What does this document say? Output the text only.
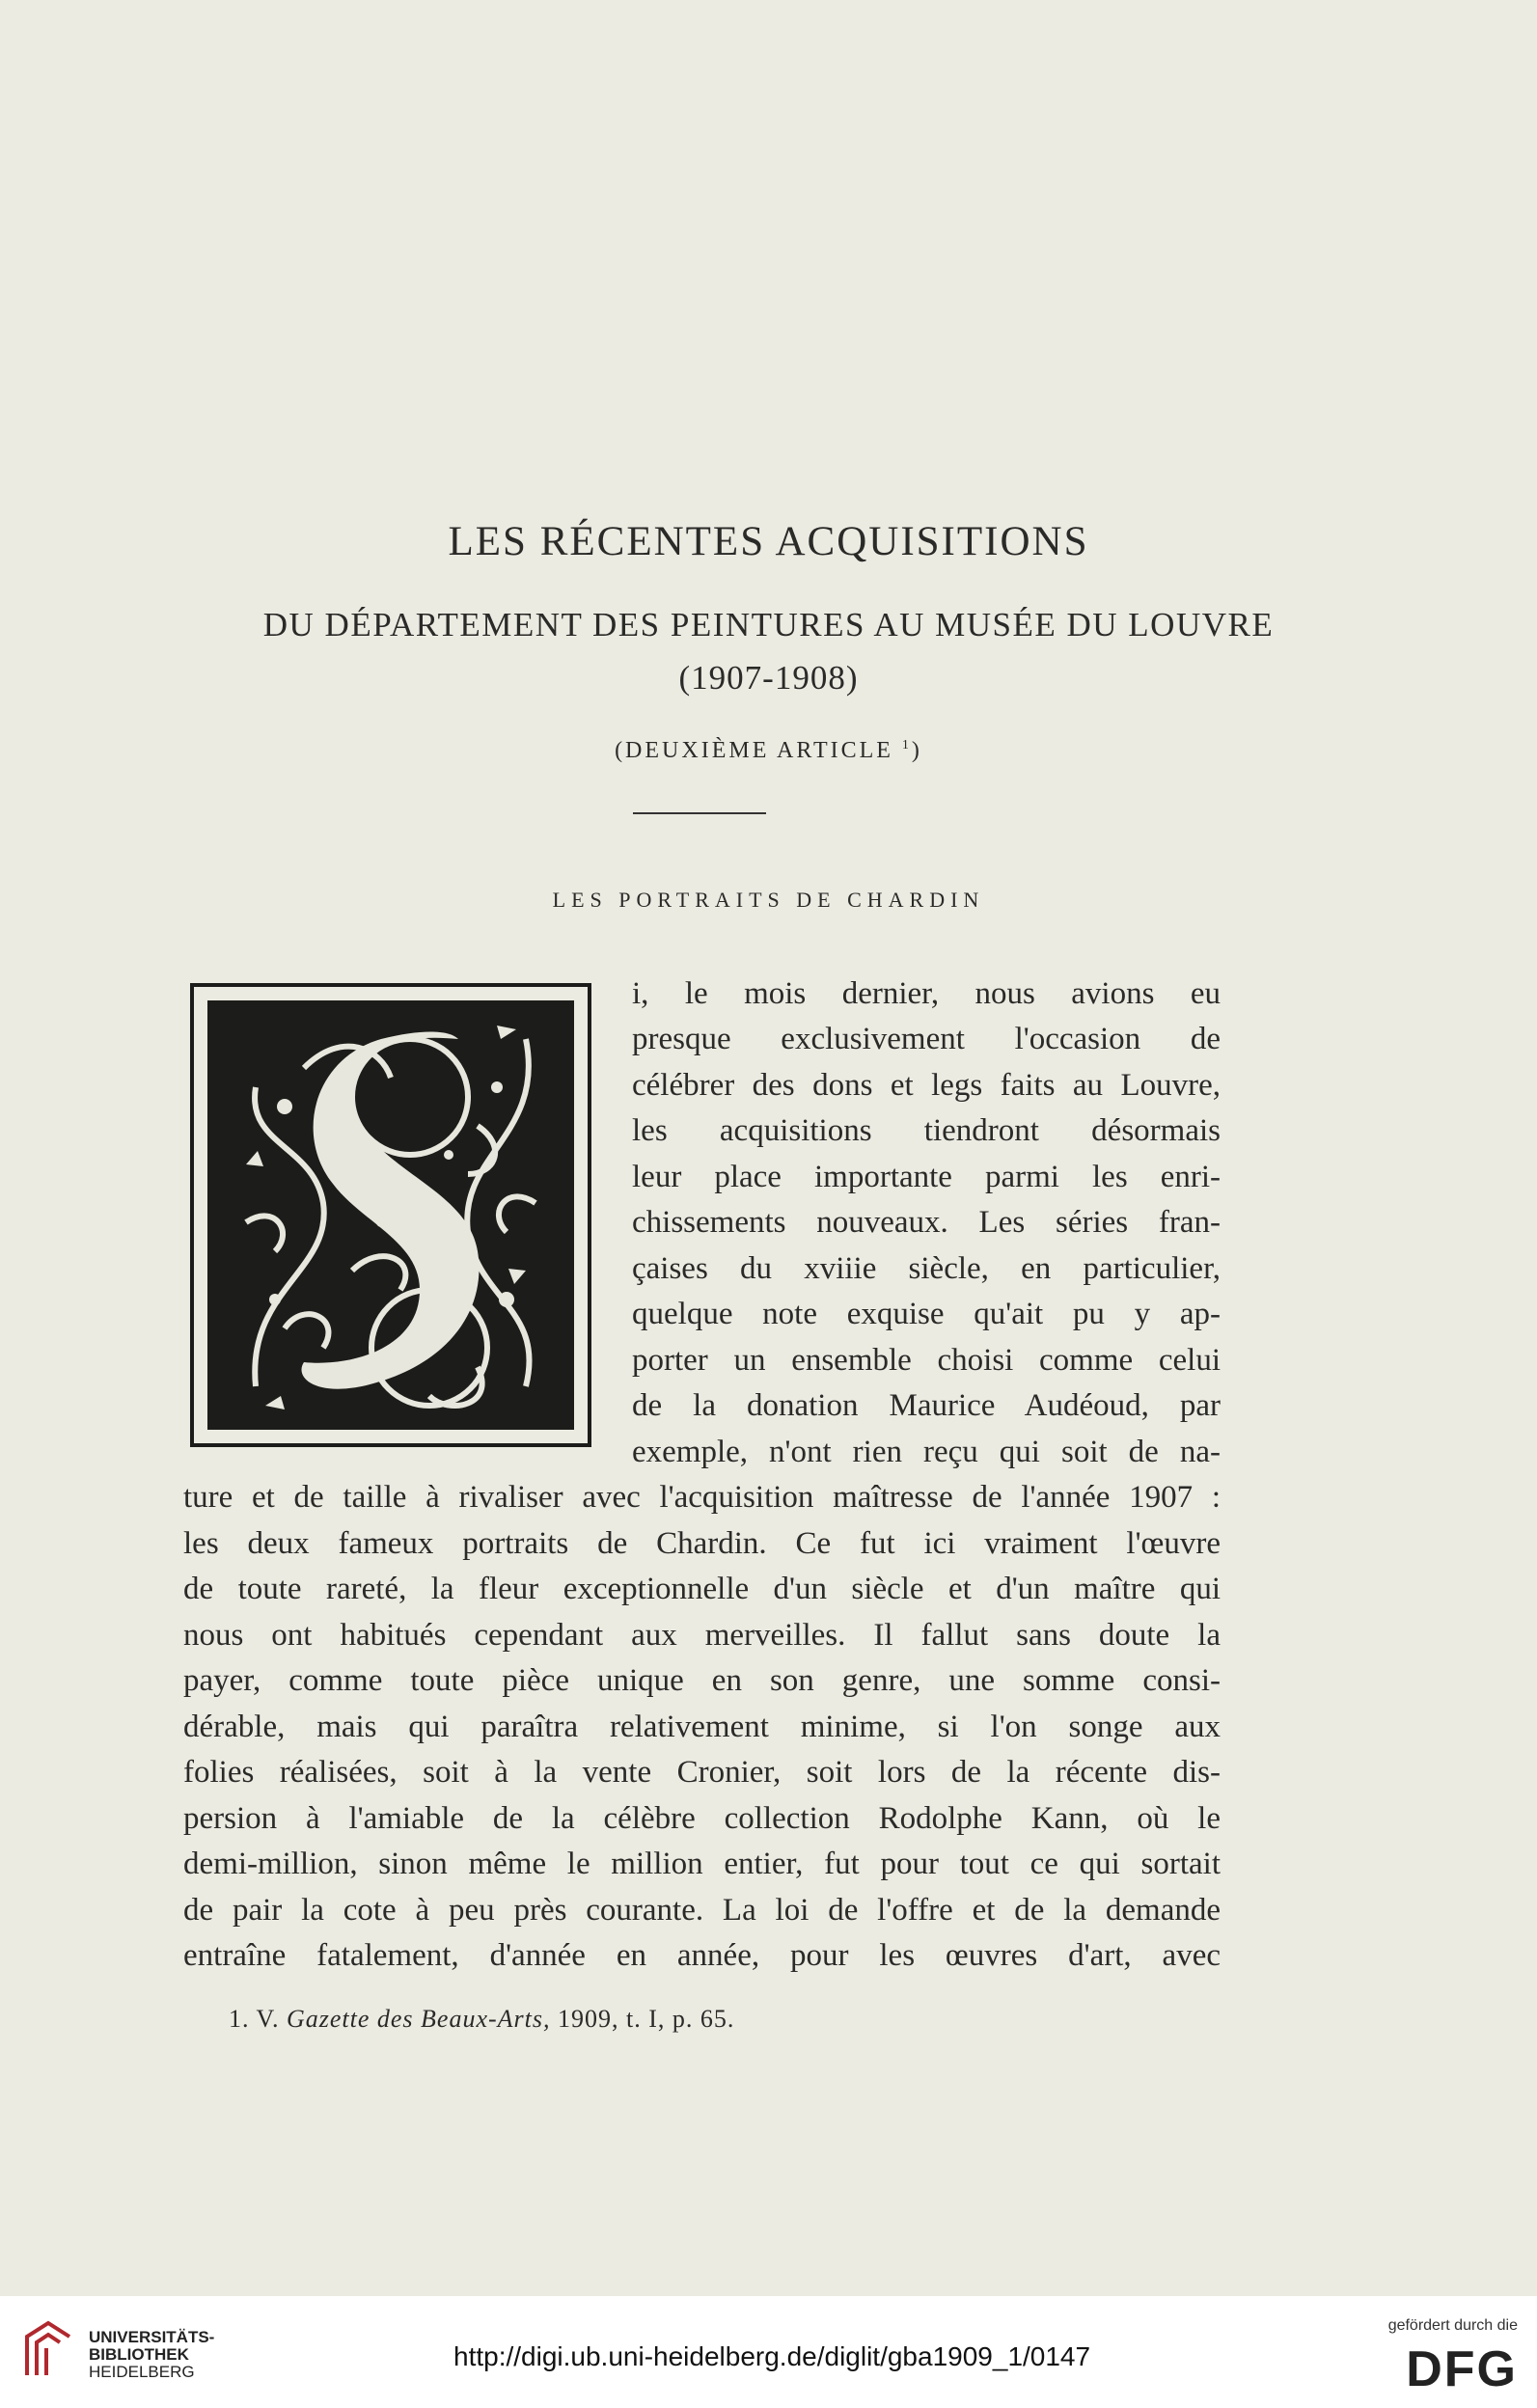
LES RÉCENTES ACQUISITIONS
DU DÉPARTEMENT DES PEINTURES AU MUSÉE DU LOUVRE
(1907-1908)
(DEUXIÈME ARTICLE $^1$)
LES PORTRAITS DE CHARDIN
i, le mois dernier, nous avions eu
presque exclusivement l'occasion de
célébrer des dons et legs faits au Louvre,
les acquisitions tiendront désormais
leur place importante parmi les enri-
chissements nouveaux. Les séries fran-
çaises du xviiie siècle, en particulier,
quelque note exquise qu'ait pu y ap-
porter un ensemble choisi comme celui
de la donation Maurice Audéoud, par
exemple, n'ont rien reçu qui soit de na-
ture et de taille à rivaliser avec l'acquisition maîtresse de l'année 1907 :
les deux fameux portraits de Chardin. Ce fut ici vraiment l'œuvre
de toute rareté, la fleur exceptionnelle d'un siècle et d'un maître qui
nous ont habitués cependant aux merveilles. Il fallut sans doute la
payer, comme toute pièce unique en son genre, une somme consi-
dérable, mais qui paraîtra relativement minime, si l'on songe aux
folies réalisées, soit à la vente Cronier, soit lors de la récente dis-
persion à l'amiable de la célèbre collection Rodolphe Kann, où le
demi-million, sinon même le million entier, fut pour tout ce qui sortait
de pair la cote à peu près courante. La loi de l'offre et de la demande
entraîne fatalement, d'année en année, pour les œuvres d'art, avec
1. V. Gazette des Beaux-Arts, 1909, t. I, p. 65.
UNIVERSITÄTS-
BIBLIOTHEK
HEIDELBERG
http://digi.ub.uni-heidelberg.de/diglit/gba1909_1/0147
gefördert durch die
DFG
